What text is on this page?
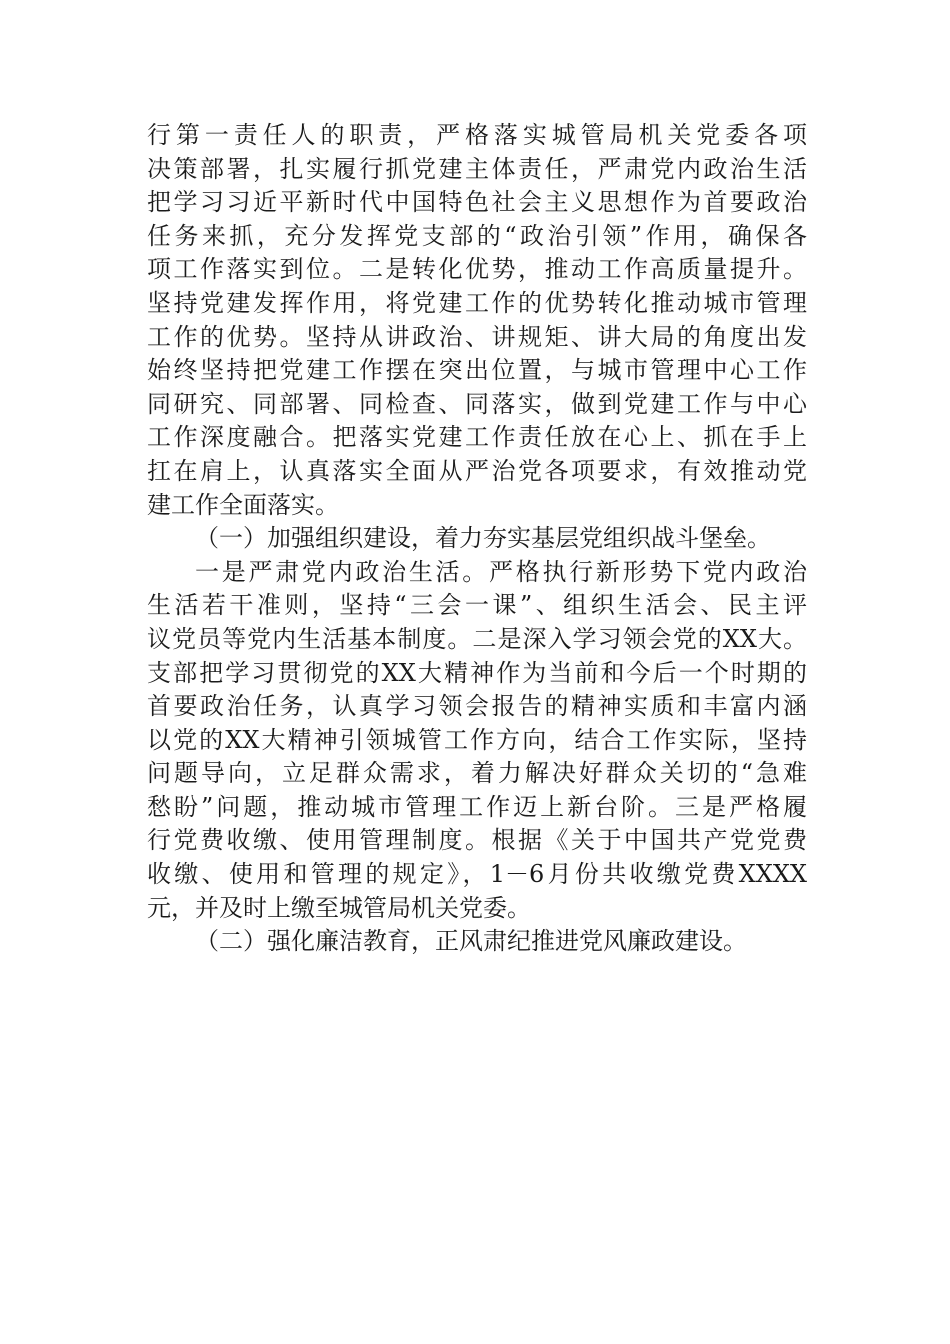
行第一责任人的职责，严格落实城管局机关党委各项
决策部署，扎实履行抓党建主体责任，严肃党内政治生活
把学习习近平新时代中国特色社会主义思想作为首要政治
任务来抓，充分发挥党支部的“政治引领”作用，确保各
项工作落实到位。二是转化优势，推动工作高质量提升。
坚持党建发挥作用，将党建工作的优势转化推动城市管理
工作的优势。坚持从讲政治、讲规矩、讲大局的角度出发
始终坚持把党建工作摆在突出位置，与城市管理中心工作
同研究、同部署、同检查、同落实，做到党建工作与中心
工作深度融合。把落实党建工作责任放在心上、抓在手上
扛在肩上，认真落实全面从严治党各项要求，有效推动党
建工作全面落实。
（一）加强组织建设，着力夯实基层党组织战斗堡垒。
一是严肃党内政治生活。严格执行新形势下党内政治
生活若干准则，坚持“三会一课”、组织生活会、民主评
议党员等党内生活基本制度。二是深入学习领会党的XX大。
支部把学习贯彻党的XX大精神作为当前和今后一个时期的
首要政治任务，认真学习领会报告的精神实质和丰富内涵
以党的XX大精神引领城管工作方向，结合工作实际，坚持
问题导向，立足群众需求，着力解决好群众关切的“急难
愁盼”问题，推动城市管理工作迈上新台阶。三是严格履
行党费收缴、使用管理制度。根据《关于中国共产党党费
收缴、使用和管理的规定》，1－6月份共收缴党费XXXX
元，并及时上缴至城管局机关党委。
（二）强化廉洁教育，正风肃纪推进党风廉政建设。
